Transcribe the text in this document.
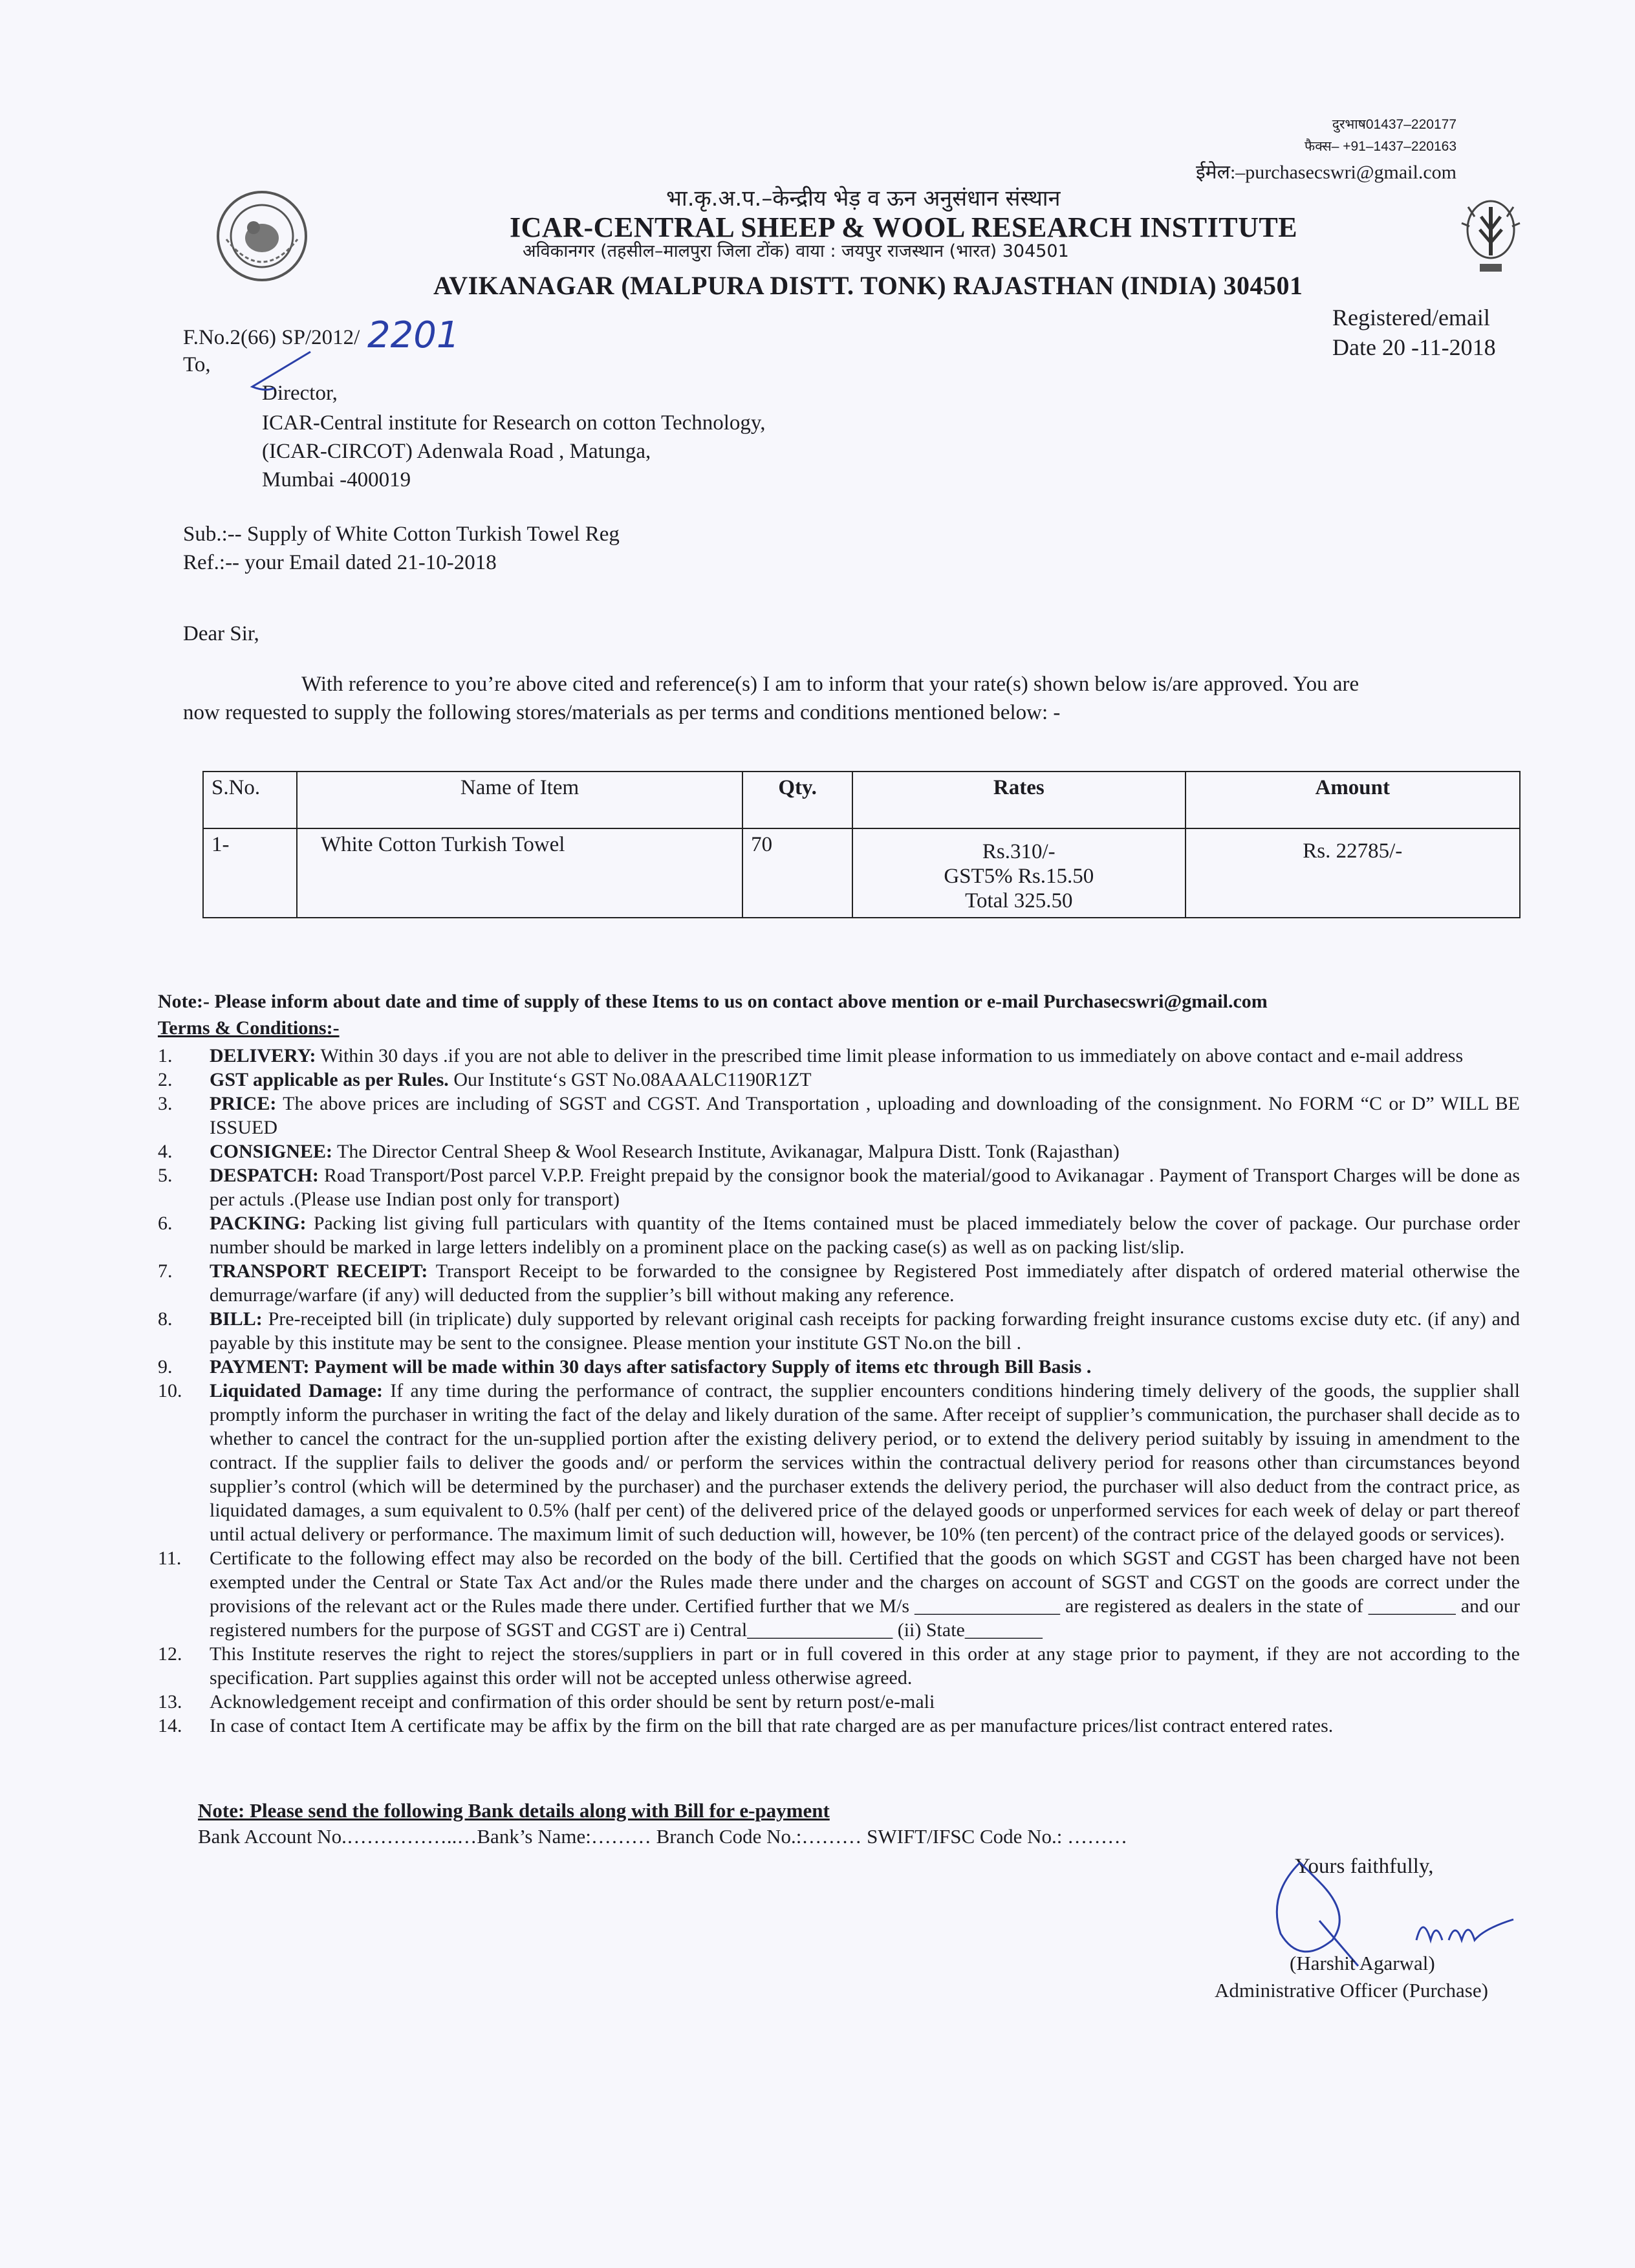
दुरभाष01437–220177
फैक्स– +91–1437–220163
ईमेल:–purchasecswri@gmail.com
भा.कृ.अ.प.–केन्द्रीय भेड़ व ऊन अनुसंधान संस्थान
ICAR-CENTRAL SHEEP & WOOL RESEARCH INSTITUTE
अविकानगर (तहसील–मालपुरा जिला टोंक) वाया : जयपुर राजस्थान (भारत) 304501
AVIKANAGAR (MALPURA DISTT. TONK) RAJASTHAN (INDIA) 304501
F.No.2(66) SP/2012/ 2201	Registered/email
Date 20 -11-2018
To,
Director,
ICAR-Central institute for Research on cotton Technology,
(ICAR-CIRCOT) Adenwala Road , Matunga,
Mumbai -400019
Sub.:-- Supply of White Cotton Turkish Towel Reg
Ref.:-- your Email dated 21-10-2018
Dear Sir,
With reference to you’re above cited and reference(s) I am to inform that your rate(s) shown below is/are approved. You are
now requested to supply the following stores/materials as per terms and conditions mentioned below: -
S.No.	Name of Item	Qty.	Rates	Amount
1-	White Cotton Turkish Towel	70	Rs.310/-
GST5% Rs.15.50
Total 325.50	Rs. 22785/-
Note:- Please inform about date and time of supply of these Items to us on contact above mention or e-mail Purchasecswri@gmail.com
Terms & Conditions:-
1.	DELIVERY: Within 30 days .if you are not able to deliver in the prescribed time limit please information to us immediately on above contact and e-mail address
2.	GST applicable as per Rules. Our Institute‘s GST No.08AAALC1190R1ZT
3.	PRICE: The above prices are including of SGST and CGST. And Transportation , uploading and downloading of the consignment. No FORM “C or D” WILL BE ISSUED
4.	CONSIGNEE: The Director Central Sheep & Wool Research Institute, Avikanagar, Malpura Distt. Tonk (Rajasthan)
5.	DESPATCH: Road Transport/Post parcel V.P.P. Freight prepaid by the consignor book the material/good to Avikanagar . Payment of Transport Charges will be done as per actuls .(Please use Indian post only for transport)
6.	PACKING: Packing list giving full particulars with quantity of the Items contained must be placed immediately below the cover of package. Our purchase order number should be marked in large letters indelibly on a prominent place on the packing case(s) as well as on packing list/slip.
7.	TRANSPORT RECEIPT: Transport Receipt to be forwarded to the consignee by Registered Post immediately after dispatch of ordered material otherwise the demurrage/warfare (if any) will deducted from the supplier’s bill without making any reference.
8.	BILL: Pre-receipted bill (in triplicate) duly supported by relevant original cash receipts for packing forwarding freight insurance customs excise duty etc. (if any) and payable by this institute may be sent to the consignee. Please mention your institute GST No.on the bill .
9.	PAYMENT: Payment will be made within 30 days after satisfactory Supply of items etc through Bill Basis .
10.	Liquidated Damage: If any time during the performance of contract, the supplier encounters conditions hindering timely delivery of the goods, the supplier shall promptly inform the purchaser in writing the fact of the delay and likely duration of the same. After receipt of supplier’s communication, the purchaser shall decide as to whether to cancel the contract for the un-supplied portion after the existing delivery period, or to extend the delivery period suitably by issuing in amendment to the contract. If the supplier fails to deliver the goods and/ or perform the services within the contractual delivery period for reasons other than circumstances beyond supplier’s control (which will be determined by the purchaser) and the purchaser extends the delivery period, the purchaser will also deduct from the contract price, as liquidated damages, a sum equivalent to 0.5% (half per cent) of the delivered price of the delayed goods or unperformed services for each week of delay or part thereof until actual delivery or performance. The maximum limit of such deduction will, however, be 10% (ten percent) of the contract price of the delayed goods or services).
11.	Certificate to the following effect may also be recorded on the body of the bill. Certified that the goods on which SGST and CGST has been charged have not been exempted under the Central or State Tax Act and/or the Rules made there under and the charges on account of SGST and CGST on the goods are correct under the provisions of the relevant act or the Rules made there under. Certified further that we M/s _______________ are registered as dealers in the state of _________ and our registered numbers for the purpose of SGST and CGST are i) Central_______________ (ii) State________
12.	This Institute reserves the right to reject the stores/suppliers in part or in full covered in this order at any stage prior to payment, if they are not according to the specification. Part supplies against this order will not be accepted unless otherwise agreed.
13.	Acknowledgement receipt and confirmation of this order should be sent by return post/e-mali
14.	In case of contact Item A certificate may be affix by the firm on the bill that rate charged are as per manufacture prices/list contract entered rates.
Note: Please send the following Bank details along with Bill for e-payment
Bank Account No.……………..…Bank’s Name:……… Branch Code No.:……… SWIFT/IFSC Code No.: ………
Yours faithfully,
(Harshit Agarwal)
Administrative Officer (Purchase)
